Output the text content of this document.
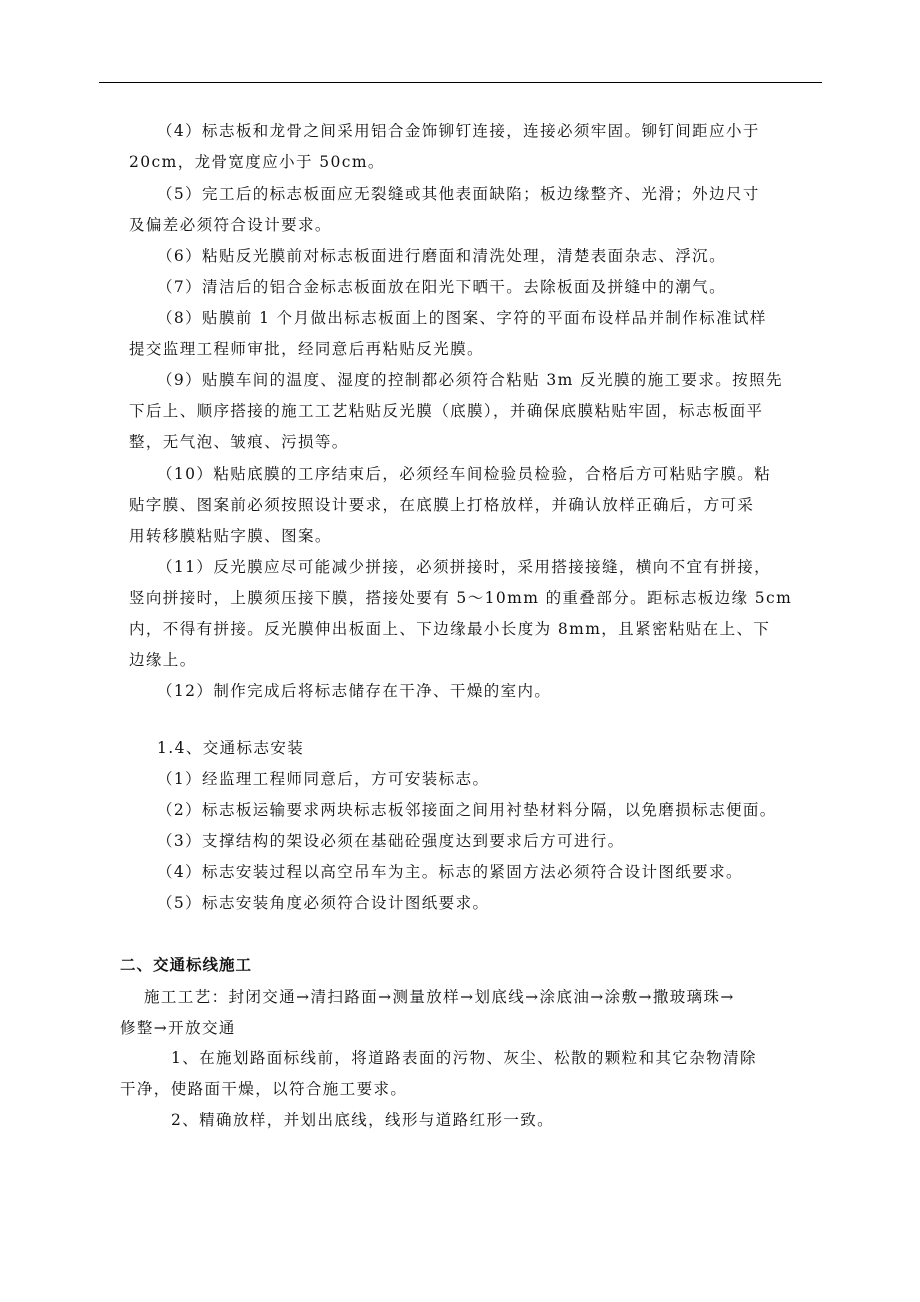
（4）标志板和龙骨之间采用铝合金饰铆钉连接，连接必须牢固。铆钉间距应小于
20cm，龙骨宽度应小于 50cm。
（5）完工后的标志板面应无裂缝或其他表面缺陷；板边缘整齐、光滑；外边尺寸
及偏差必须符合设计要求。
（6）粘贴反光膜前对标志板面进行磨面和清洗处理，清楚表面杂志、浮沉。
（7）清洁后的铝合金标志板面放在阳光下晒干。去除板面及拼缝中的潮气。
（8）贴膜前 1 个月做出标志板面上的图案、字符的平面布设样品并制作标准试样
提交监理工程师审批，经同意后再粘贴反光膜。
（9）贴膜车间的温度、湿度的控制都必须符合粘贴 3m 反光膜的施工要求。按照先
下后上、顺序搭接的施工工艺粘贴反光膜（底膜），并确保底膜粘贴牢固，标志板面平
整，无气泡、皱痕、污损等。
（10）粘贴底膜的工序结束后，必须经车间检验员检验，合格后方可粘贴字膜。粘
贴字膜、图案前必须按照设计要求，在底膜上打格放样，并确认放样正确后，方可采
用转移膜粘贴字膜、图案。
（11）反光膜应尽可能减少拼接，必须拼接时，采用搭接接缝，横向不宜有拼接，
竖向拼接时，上膜须压接下膜，搭接处要有 5～10mm 的重叠部分。距标志板边缘 5cm
内，不得有拼接。反光膜伸出板面上、下边缘最小长度为 8mm，且紧密粘贴在上、下
边缘上。
（12）制作完成后将标志储存在干净、干燥的室内。
1.4、交通标志安装
（1）经监理工程师同意后，方可安装标志。
（2）标志板运输要求两块标志板邻接面之间用衬垫材料分隔，以免磨损标志便面。
（3）支撑结构的架设必须在基础砼强度达到要求后方可进行。
（4）标志安装过程以高空吊车为主。标志的紧固方法必须符合设计图纸要求。
（5）标志安装角度必须符合设计图纸要求。
二、交通标线施工
施工工艺：封闭交通→清扫路面→测量放样→划底线→涂底油→涂敷→撒玻璃珠→
修整→开放交通
1、在施划路面标线前，将道路表面的污物、灰尘、松散的颗粒和其它杂物清除
干净，使路面干燥，以符合施工要求。
2、精确放样，并划出底线，线形与道路红形一致。
